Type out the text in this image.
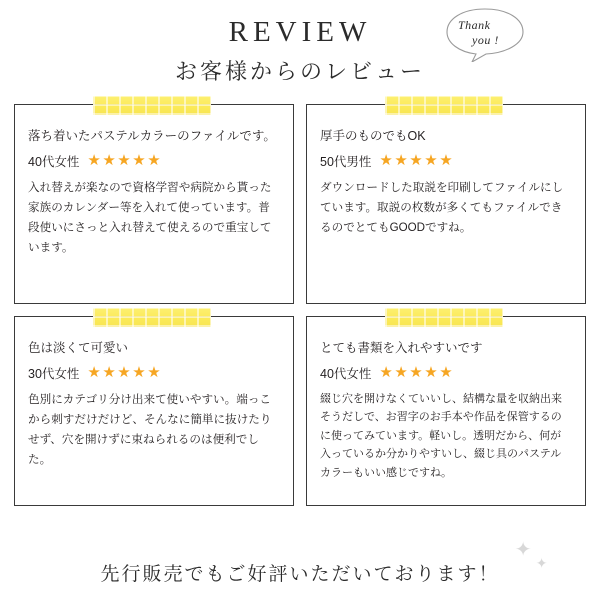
REVIEW
お客様からのレビュー
Thank
you !
落ち着いたパステルカラーのファイルです。
40代女性 ★★★★★
入れ替えが楽なので資格学習や病院から貰った家族のカレンダー等を入れて使っています。普段使いにさっと入れ替えて使えるので重宝しています。
厚手のものでもOK
50代男性 ★★★★★
ダウンロードした取説を印刷してファイルにしています。取説の枚数が多くてもファイルできるのでとてもGOODですね。
色は淡くて可愛い
30代女性 ★★★★★
色別にカテゴリ分け出来て使いやすい。端っこから刺すだけだけど、そんなに簡単に抜けたりせず、穴を開けずに束ねられるのは便利でした。
とても書類を入れやすいです
40代女性 ★★★★★
綴じ穴を開けなくていいし、結構な量を収納出来そうだしで、お習字のお手本や作品を保管するのに使ってみています。軽いし。透明だから、何が入っているか分かりやすいし、綴じ具のパステルカラーもいい感じですね。
先行販売でもご好評いただいております！
✦
✦
